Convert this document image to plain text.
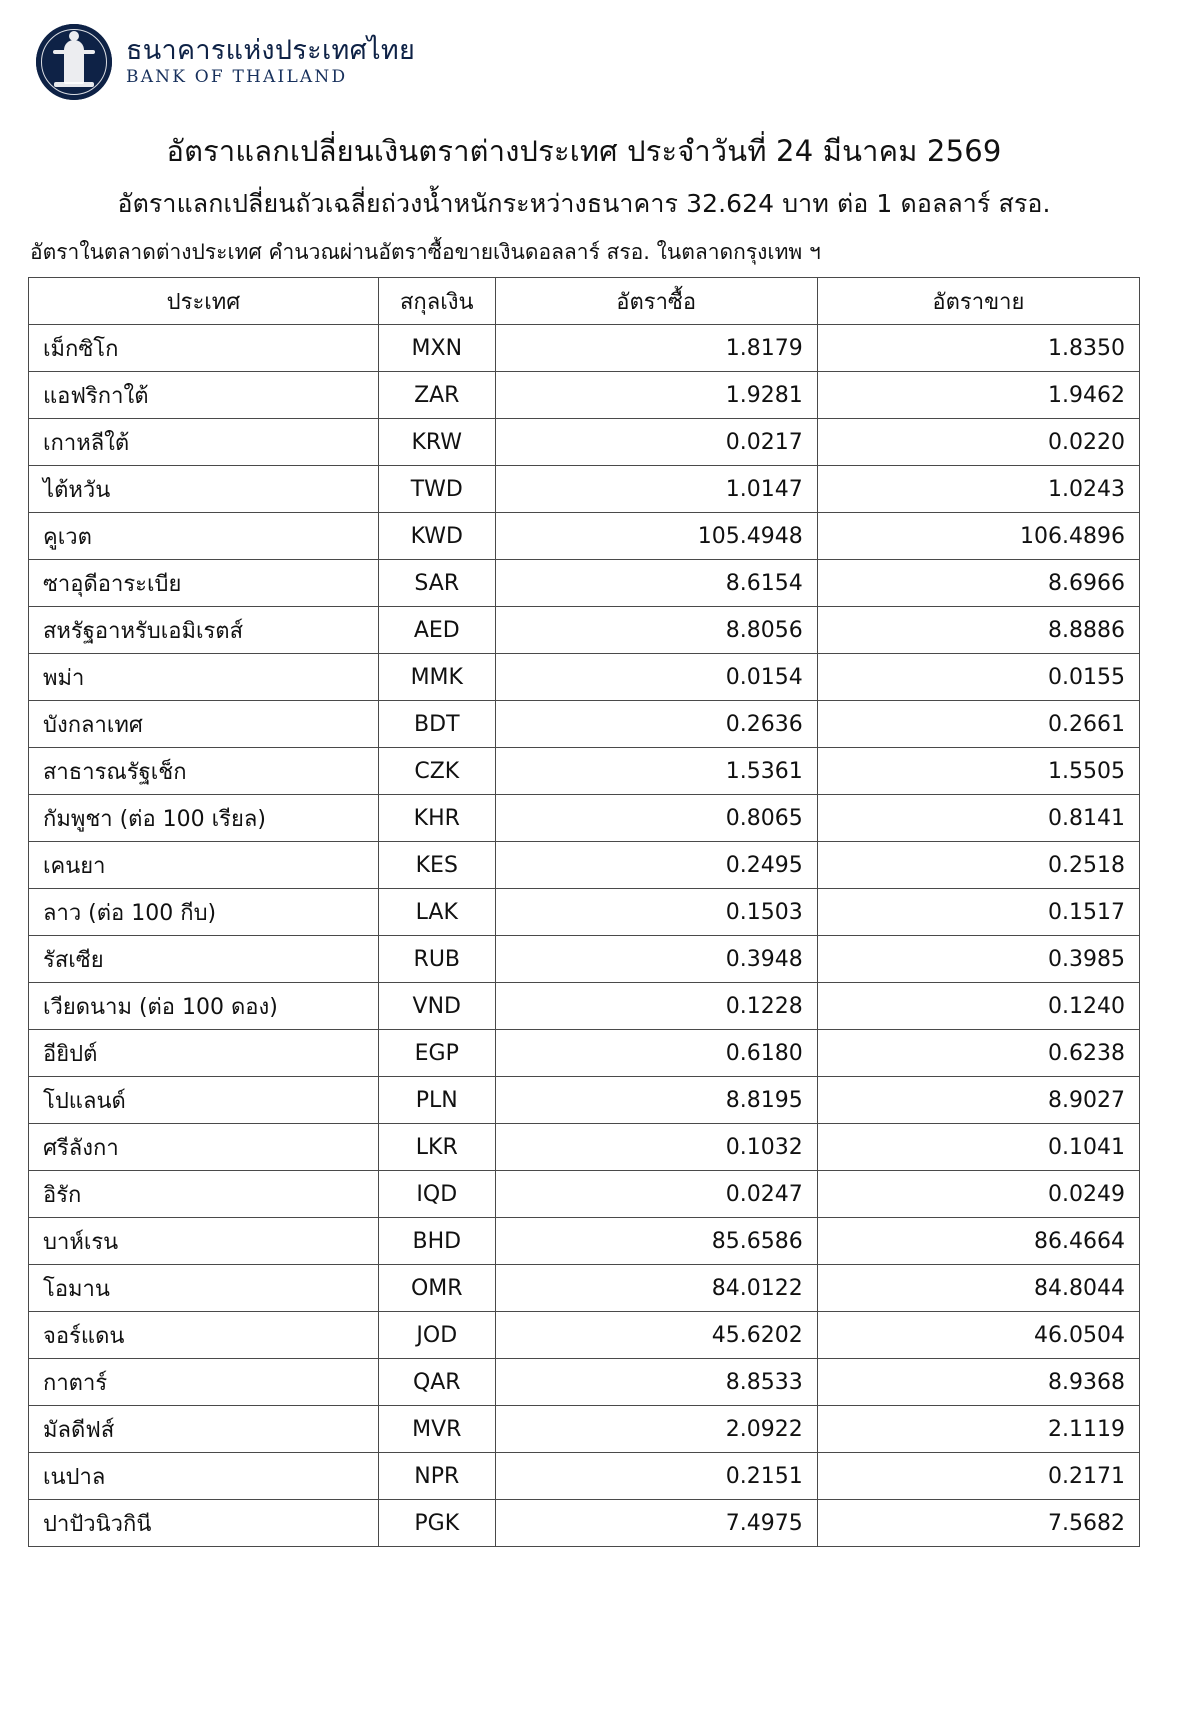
ธนาคารแห่งประเทศไทย
BANK OF THAILAND
อัตราแลกเปลี่ยนเงินตราต่างประเทศ ประจำวันที่ 24 มีนาคม 2569
อัตราแลกเปลี่ยนถัวเฉลี่ยถ่วงน้ำหนักระหว่างธนาคาร 32.624 บาท ต่อ 1 ดอลลาร์ สรอ.
อัตราในตลาดต่างประเทศ คำนวณผ่านอัตราซื้อขายเงินดอลลาร์ สรอ. ในตลาดกรุงเทพ ฯ
ประเทศ	สกุลเงิน	อัตราซื้อ	อัตราขาย
เม็กซิโก	MXN	1.8179	1.8350
แอฟริกาใต้	ZAR	1.9281	1.9462
เกาหลีใต้	KRW	0.0217	0.0220
ไต้หวัน	TWD	1.0147	1.0243
คูเวต	KWD	105.4948	106.4896
ซาอุดีอาระเบีย	SAR	8.6154	8.6966
สหรัฐอาหรับเอมิเรตส์	AED	8.8056	8.8886
พม่า	MMK	0.0154	0.0155
บังกลาเทศ	BDT	0.2636	0.2661
สาธารณรัฐเช็ก	CZK	1.5361	1.5505
กัมพูชา (ต่อ 100 เรียล)	KHR	0.8065	0.8141
เคนยา	KES	0.2495	0.2518
ลาว (ต่อ 100 กีบ)	LAK	0.1503	0.1517
รัสเซีย	RUB	0.3948	0.3985
เวียดนาม (ต่อ 100 ดอง)	VND	0.1228	0.1240
อียิปต์	EGP	0.6180	0.6238
โปแลนด์	PLN	8.8195	8.9027
ศรีลังกา	LKR	0.1032	0.1041
อิรัก	IQD	0.0247	0.0249
บาห์เรน	BHD	85.6586	86.4664
โอมาน	OMR	84.0122	84.8044
จอร์แดน	JOD	45.6202	46.0504
กาตาร์	QAR	8.8533	8.9368
มัลดีฟส์	MVR	2.0922	2.1119
เนปาล	NPR	0.2151	0.2171
ปาปัวนิวกินี	PGK	7.4975	7.5682
